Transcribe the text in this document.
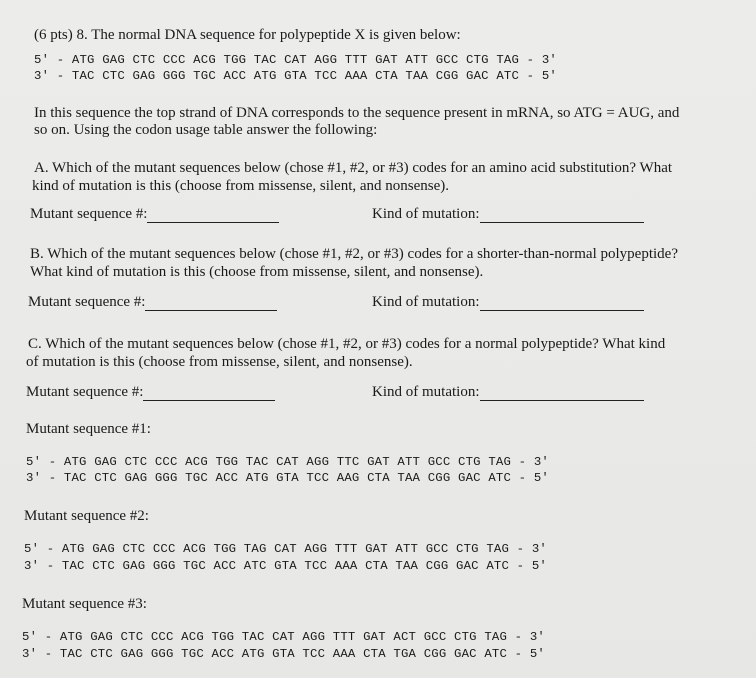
(6 pts) 8. The normal DNA sequence for polypeptide X is given below:
5' - ATG GAG CTC CCC ACG TGG TAC CAT AGG TTT GAT ATT GCC CTG TAG - 3'
3' - TAC CTC GAG GGG TGC ACC ATG GTA TCC AAA CTA TAA CGG GAC ATC - 5'
In this sequence the top strand of DNA corresponds to the sequence present in mRNA, so ATG = AUG, and
so on. Using the codon usage table answer the following:
A. Which of the mutant sequences below (chose #1, #2, or #3) codes for an amino acid substitution? What
kind of mutation is this (choose from missense, silent, and nonsense).
Mutant sequence #:	Kind of mutation:
B. Which of the mutant sequences below (chose #1, #2, or #3) codes for a shorter-than-normal polypeptide?
What kind of mutation is this (choose from missense, silent, and nonsense).
Mutant sequence #:	Kind of mutation:
C. Which of the mutant sequences below (chose #1, #2, or #3) codes for a normal polypeptide? What kind
of mutation is this (choose from missense, silent, and nonsense).
Mutant sequence #:	Kind of mutation:
Mutant sequence #1:
5' - ATG GAG CTC CCC ACG TGG TAC CAT AGG TTC GAT ATT GCC CTG TAG - 3'
3' - TAC CTC GAG GGG TGC ACC ATG GTA TCC AAG CTA TAA CGG GAC ATC - 5'
Mutant sequence #2:
5' - ATG GAG CTC CCC ACG TGG TAG CAT AGG TTT GAT ATT GCC CTG TAG - 3'
3' - TAC CTC GAG GGG TGC ACC ATC GTA TCC AAA CTA TAA CGG GAC ATC - 5'
Mutant sequence #3:
5' - ATG GAG CTC CCC ACG TGG TAC CAT AGG TTT GAT ACT GCC CTG TAG - 3'
3' - TAC CTC GAG GGG TGC ACC ATG GTA TCC AAA CTA TGA CGG GAC ATC - 5'
